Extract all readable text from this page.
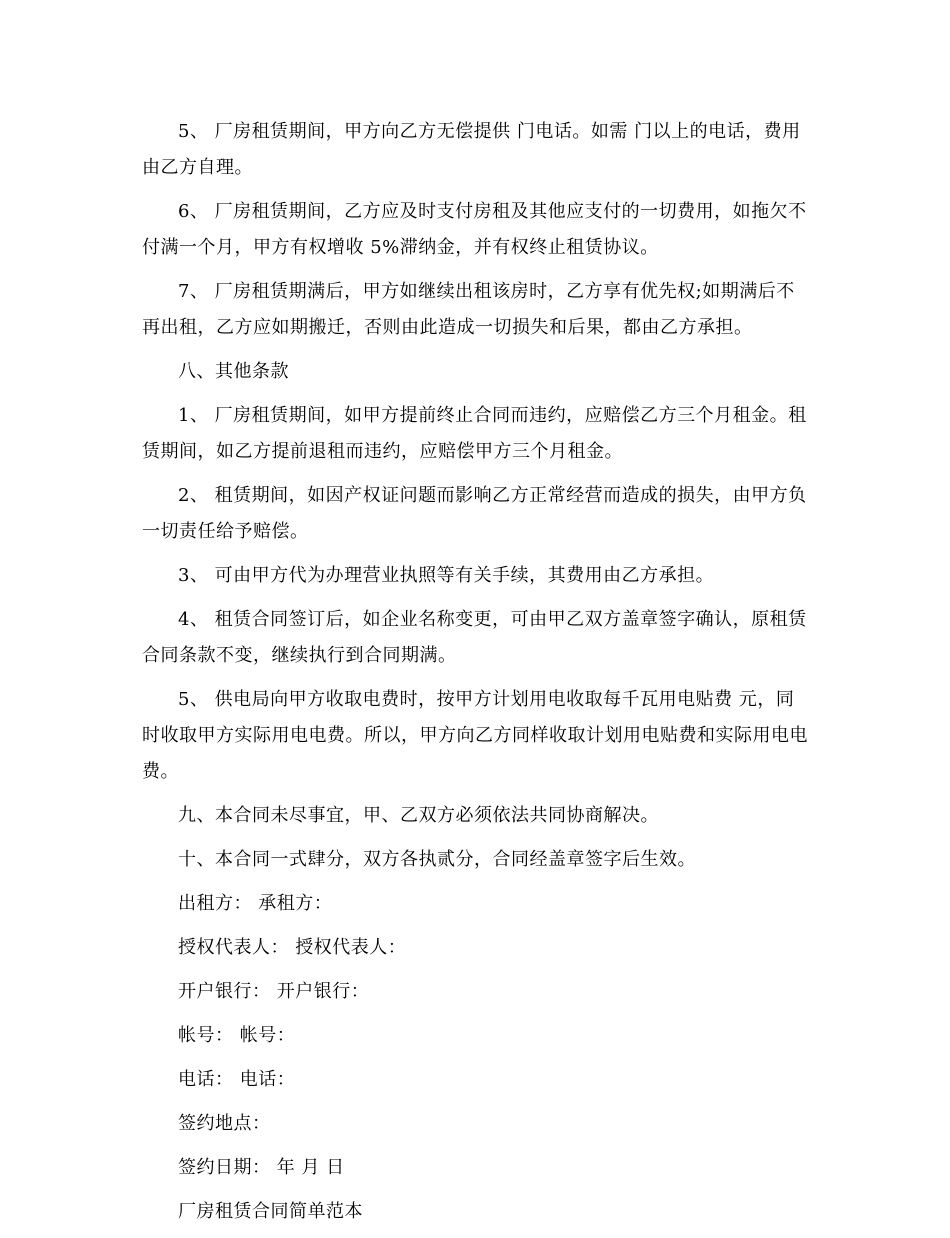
5、 厂房租赁期间，甲方向乙方无偿提供 门电话。如需 门以上的电话，费用由乙方自理。

6、 厂房租赁期间，乙方应及时支付房租及其他应支付的一切费用，如拖欠不付满一个月，甲方有权增收 5%滞纳金，并有权终止租赁协议。

7、 厂房租赁期满后，甲方如继续出租该房时，乙方享有优先权;如期满后不再出租，乙方应如期搬迁，否则由此造成一切损失和后果，都由乙方承担。

八、其他条款

1、 厂房租赁期间，如甲方提前终止合同而违约，应赔偿乙方三个月租金。租赁期间，如乙方提前退租而违约，应赔偿甲方三个月租金。

2、 租赁期间，如因产权证问题而影响乙方正常经营而造成的损失，由甲方负一切责任给予赔偿。

3、 可由甲方代为办理营业执照等有关手续，其费用由乙方承担。

4、 租赁合同签订后，如企业名称变更，可由甲乙双方盖章签字确认，原租赁合同条款不变，继续执行到合同期满。

5、 供电局向甲方收取电费时，按甲方计划用电收取每千瓦用电贴费 元，同时收取甲方实际用电电费。所以，甲方向乙方同样收取计划用电贴费和实际用电电费。

九、本合同未尽事宜，甲、乙双方必须依法共同协商解决。

十、本合同一式肆分，双方各执贰分，合同经盖章签字后生效。

出租方： 承租方：

授权代表人： 授权代表人：

开户银行： 开户银行：

帐号： 帐号：

电话： 电话：

签约地点：

签约日期： 年 月 日

厂房租赁合同简单范本
